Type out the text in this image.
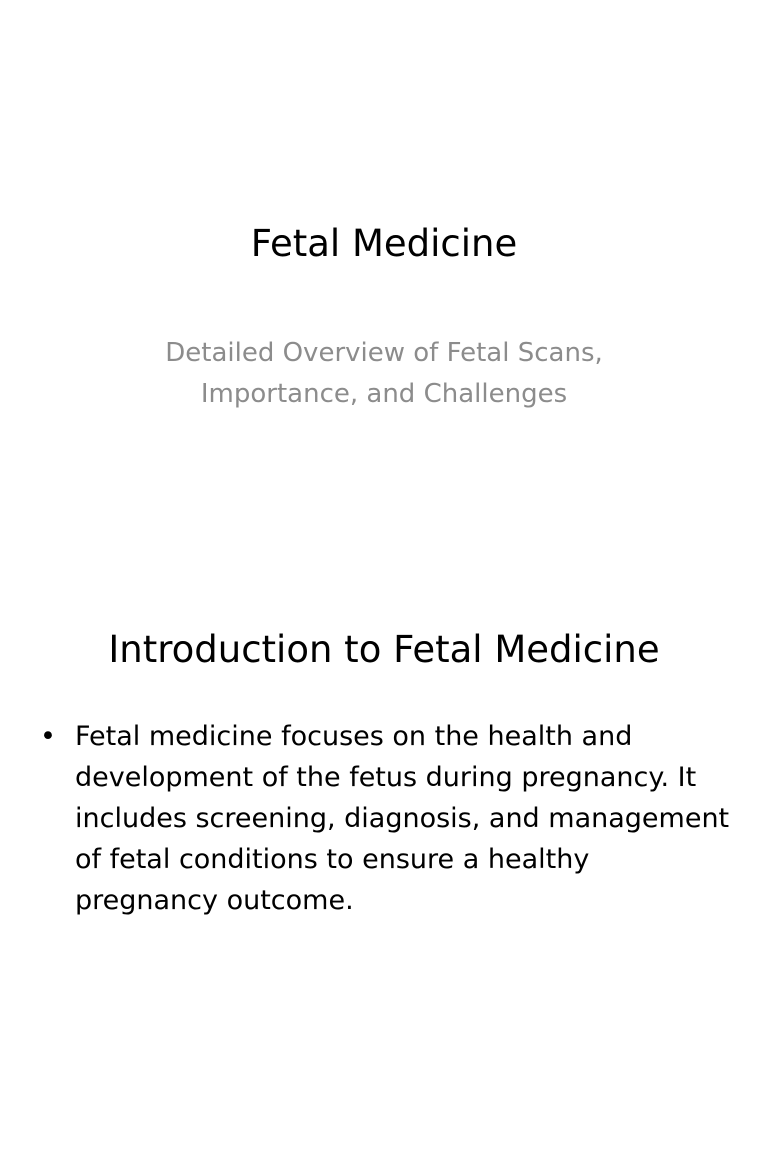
Fetal Medicine
Detailed Overview of Fetal Scans,
Importance, and Challenges
Introduction to Fetal Medicine
• Fetal medicine focuses on the health and development of the fetus during pregnancy. It includes screening, diagnosis, and management of fetal conditions to ensure a healthy pregnancy outcome.
